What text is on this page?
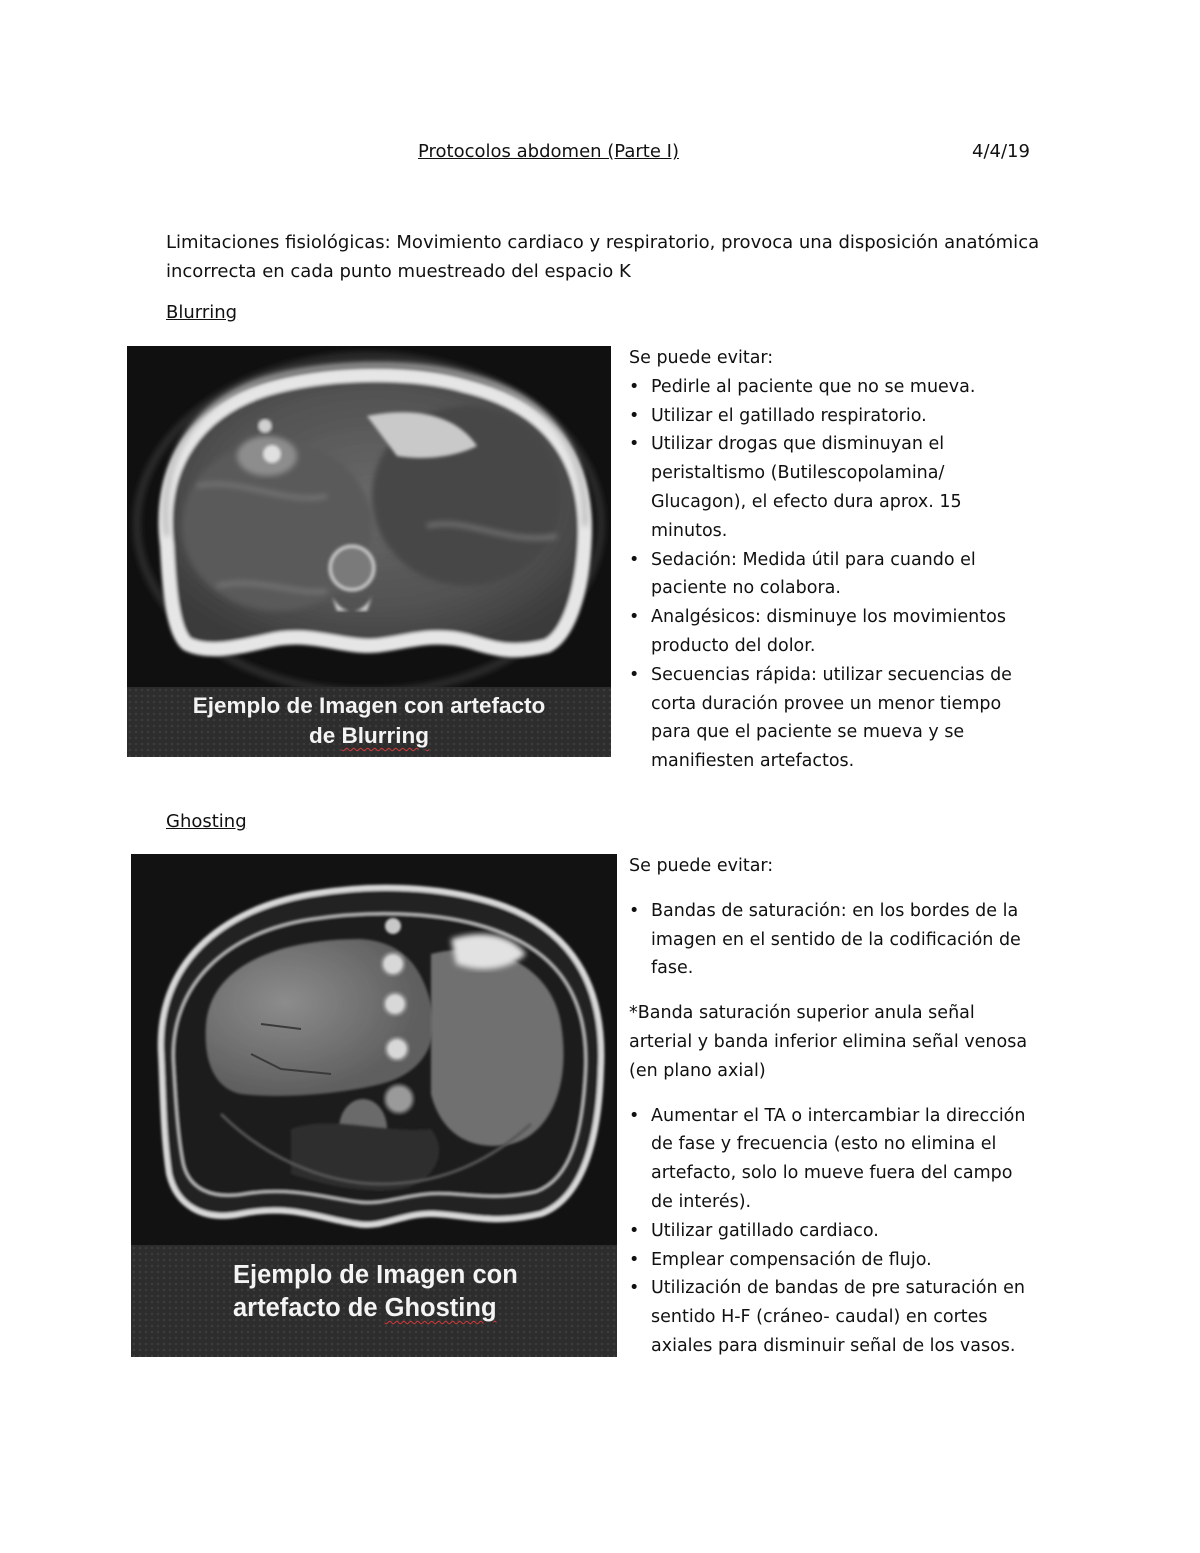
Protocolos abdomen (Parte I)	4/4/19
Limitaciones fisiológicas: Movimiento cardiaco y respiratorio, provoca una disposición anatómica incorrecta en cada punto muestreado del espacio K
Blurring
Ejemplo de Imagen con artefacto
de Blurring

Se puede evitar:

• Pedirle al paciente que no se mueva.

• Utilizar el gatillado respiratorio.

• Utilizar drogas que disminuyan el peristaltismo (Butilescopolamina/ Glucagon), el efecto dura aprox. 15 minutos.

• Sedación: Medida útil para cuando el paciente no colabora.

• Analgésicos: disminuye los movimientos producto del dolor.

• Secuencias rápida: utilizar secuencias de corta duración provee un menor tiempo para que el paciente se mueva y se manifiesten artefactos.

Ghosting
Ejemplo de Imagen con
artefacto de Ghosting

Se puede evitar:

• Bandas de saturación: en los bordes de la imagen en el sentido de la codificación de fase.

*Banda saturación superior anula señal arterial y banda inferior elimina señal venosa (en plano axial)

• Aumentar el TA o intercambiar la dirección de fase y frecuencia (esto no elimina el artefacto, solo lo mueve fuera del campo de interés).

• Utilizar gatillado cardiaco.

• Emplear compensación de flujo.

• Utilización de bandas de pre saturación en sentido H-F (cráneo- caudal) en cortes axiales para disminuir señal de los vasos.
